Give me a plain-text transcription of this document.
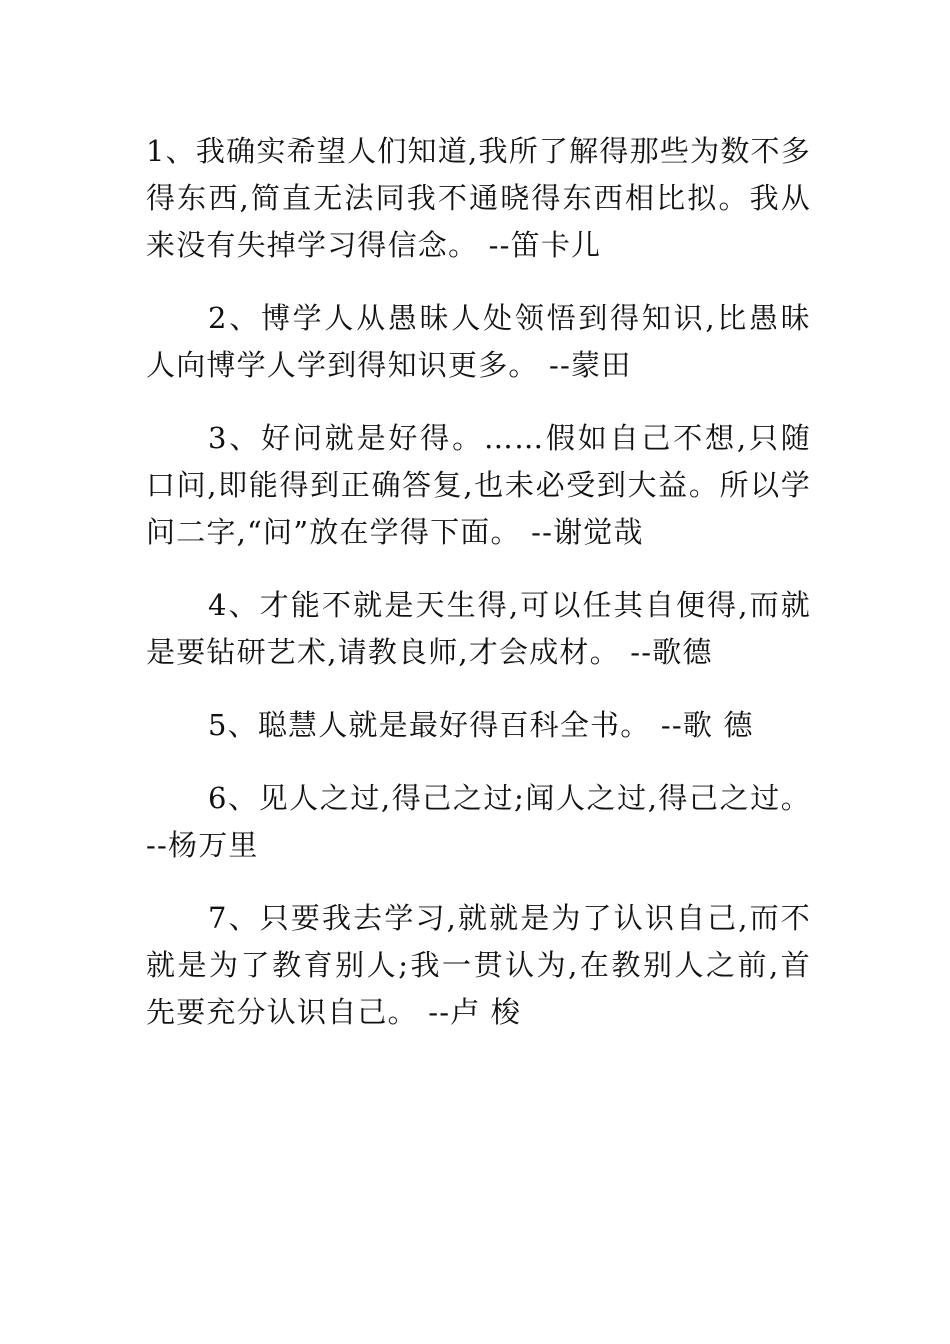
1、我确实希望人们知道,我所了解得那些为数不多得东西,简直无法同我不通晓得东西相比拟。我从来没有失掉学习得信念。 --笛卡儿

2、博学人从愚昧人处领悟到得知识,比愚昧人向博学人学到得知识更多。 --蒙田

3、好问就是好得。……假如自己不想,只随口问,即能得到正确答复,也未必受到大益。所以学问二字,“问”放在学得下面。 --谢觉哉

4、才能不就是天生得,可以任其自便得,而就是要钻研艺术,请教良师,才会成材。 --歌德

5、聪慧人就是最好得百科全书。 --歌 德

6、见人之过,得己之过;闻人之过,得己之过。 --杨万里

7、只要我去学习,就就是为了认识自己,而不就是为了教育别人;我一贯认为,在教别人之前,首先要充分认识自己。 --卢 梭
